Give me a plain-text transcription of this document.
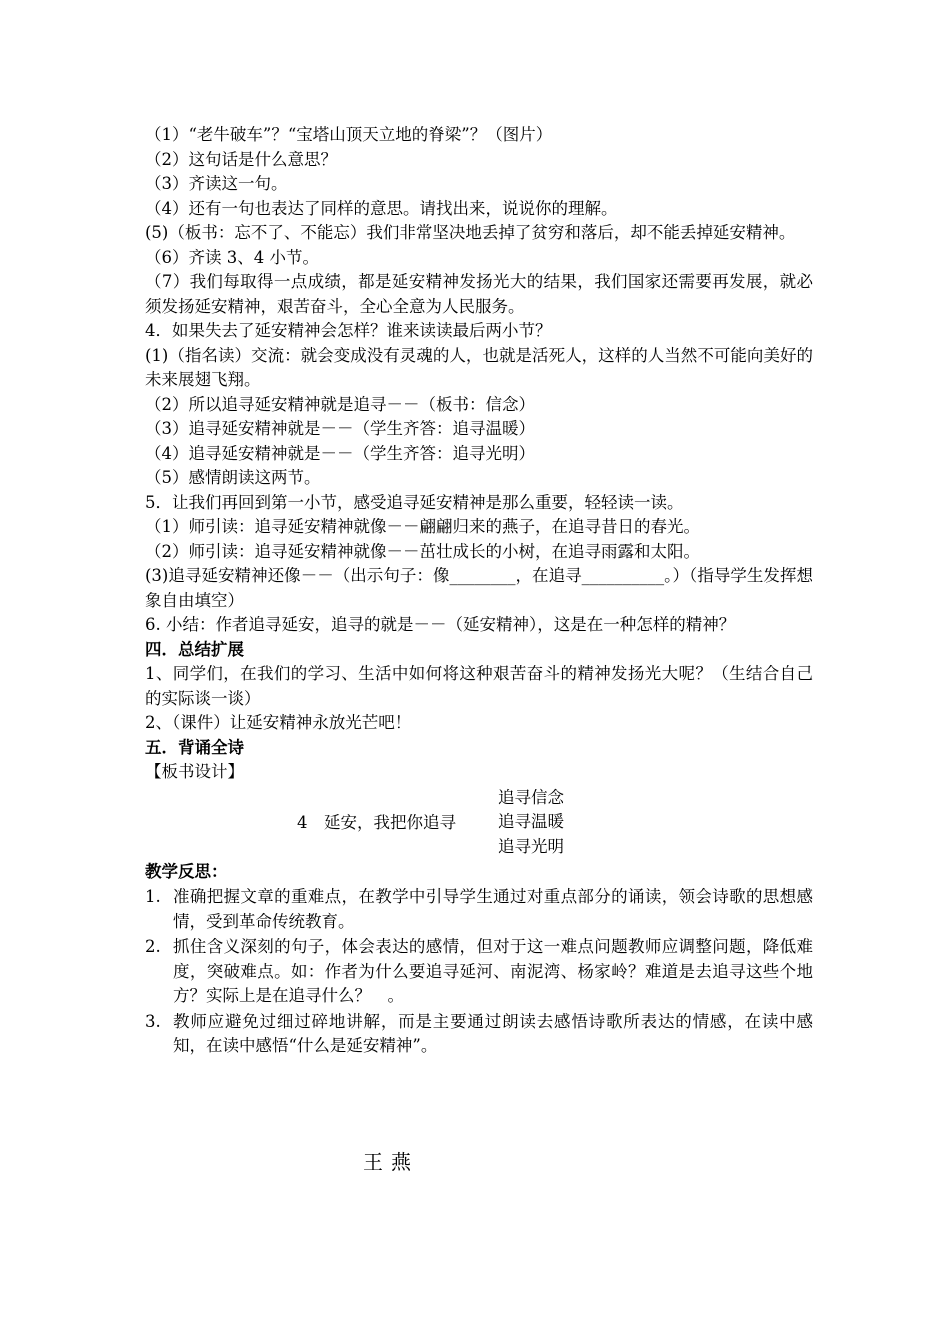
（1）“老牛破车”？“宝塔山顶天立地的脊梁”？（图片）
（2）这句话是什么意思？
（3）齐读这一句。
（4）还有一句也表达了同样的意思。请找出来，说说你的理解。
(5)（板书：忘不了、不能忘）我们非常坚决地丢掉了贫穷和落后，却不能丢掉延安精神。
（6）齐读 3、4 小节。
（7）我们每取得一点成绩，都是延安精神发扬光大的结果，我们国家还需要再发展，就必须发扬延安精神，艰苦奋斗，全心全意为人民服务。
4．如果失去了延安精神会怎样？谁来读读最后两小节？
(1)（指名读）交流：就会变成没有灵魂的人，也就是活死人，这样的人当然不可能向美好的未来展翅飞翔。
（2）所以追寻延安精神就是追寻－－（板书：信念）
（3）追寻延安精神就是－－（学生齐答：追寻温暖）
（4）追寻延安精神就是－－（学生齐答：追寻光明）
（5）感情朗读这两节。
5．让我们再回到第一小节，感受追寻延安精神是那么重要，轻轻读一读。
（1）师引读：追寻延安精神就像－－翩翩归来的燕子，在追寻昔日的春光。
（2）师引读：追寻延安精神就像－－茁壮成长的小树，在追寻雨露和太阳。
(3)追寻延安精神还像－－（出示句子：像________，在追寻__________。）（指导学生发挥想象自由填空）
6. 小结：作者追寻延安，追寻的就是－－（延安精神），这是在一种怎样的精神？
四．总结扩展
1、同学们，在我们的学习、生活中如何将这种艰苦奋斗的精神发扬光大呢？（生结合自己的实际谈一谈）
2、（课件）让延安精神永放光芒吧！
五．背诵全诗
【板书设计】
4　延安，我把你追寻
追寻信念
追寻温暖
追寻光明
教学反思：
1. 准确把握文章的重难点，在教学中引导学生通过对重点部分的诵读，领会诗歌的思想感情，受到革命传统教育。
2. 抓住含义深刻的句子，体会表达的感情，但对于这一难点问题教师应调整问题，降低难度，突破难点。如：作者为什么要追寻延河、南泥湾、杨家岭？难道是去追寻这些个地方？实际上是在追寻什么？　。
3. 教师应避免过细过碎地讲解，而是主要通过朗读去感悟诗歌所表达的情感，在读中感知，在读中感悟“什么是延安精神”。
王燕
